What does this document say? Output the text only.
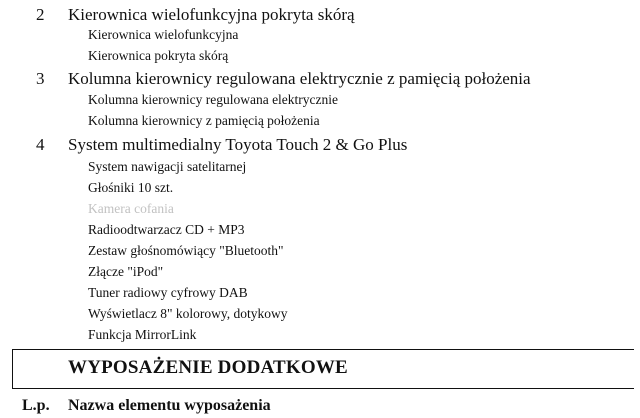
2 Kierownica wielofunkcyjna pokryta skórą
Kierownica wielofunkcyjna
Kierownica pokryta skórą
3 Kolumna kierownicy regulowana elektrycznie z pamięcią położenia
Kolumna kierownicy regulowana elektrycznie
Kolumna kierownicy z pamięcią położenia
4 System multimedialny Toyota Touch 2 & Go Plus
System nawigacji satelitarnej
Głośniki 10 szt.
Kamera cofania
Radioodtwarzacz CD + MP3
Zestaw głośnomówiący "Bluetooth"
Złącze "iPod"
Tuner radiowy cyfrowy DAB
Wyświetlacz 8" kolorowy, dotykowy
Funkcja MirrorLink
WYPOSAŻENIE DODATKOWE
L.p. Nazwa elementu wyposażenia
